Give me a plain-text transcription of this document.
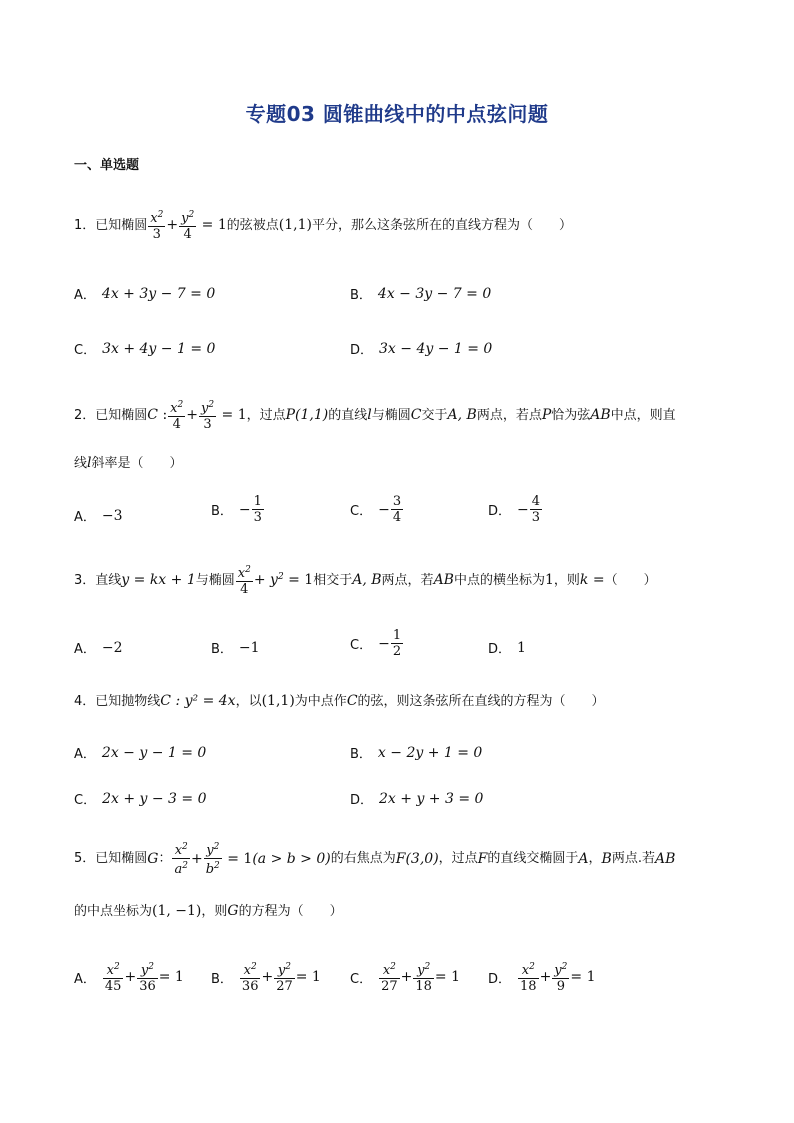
专题03 圆锥曲线中的中点弦问题
一、单选题
1．已知椭圆 $\frac{x^2}{3} + \frac{y^2}{4} = 1$ 的弦被点 (1,1) 平分，那么这条弦所在的直线方程为（　　）
A． 4x + 3y − 7 = 0	B． 4x − 3y − 7 = 0
C． 3x + 4y − 1 = 0	D． 3x − 4y − 1 = 0
2．已知椭圆 C : $\frac{x^2}{4} + \frac{y^2}{3} = 1$ ，过点 P(1,1) 的直线 l 与椭圆 C 交于 A, B 两点，若点 P 恰为弦 AB 中点，则直
线l斜率是（　　）
A． −3	B． − $\frac{1}{3}$	C． − $\frac{3}{4}$	D． − $\frac{4}{3}$
3．直线 y = kx + 1 与椭圆 $\frac{x^2}{4} + y^2 = 1$ 相交于 A, B 两点，若 AB 中点的横坐标为 1 ，则 k = （　　）
A． −2	B． −1	C． − $\frac{1}{2}$	D． 1
4．已知抛物线C : y² = 4x，以(1,1)为中点作C的弦，则这条弦所在直线的方程为（　　）
A． 2x − y − 1 = 0	B． x − 2y + 1 = 0
C． 2x + y − 3 = 0	D． 2x + y + 3 = 0
5．已知椭圆 G ： $\frac{x^2}{a^2} + \frac{y^2}{b^2} = 1$ (a > b > 0) 的右焦点为 F(3,0) ，过点 F 的直线交椭圆于 A ， B 两点.若 AB
的中点坐标为(1, −1)，则G的方程为（　　）
A． $\frac{x^2}{45} + \frac{y^2}{36} = 1$ B． $\frac{x^2}{36} + \frac{y^2}{27} = 1$ C． $\frac{x^2}{27} + \frac{y^2}{18} = 1$ D． $\frac{x^2}{18} + \frac{y^2}{9} = 1$
